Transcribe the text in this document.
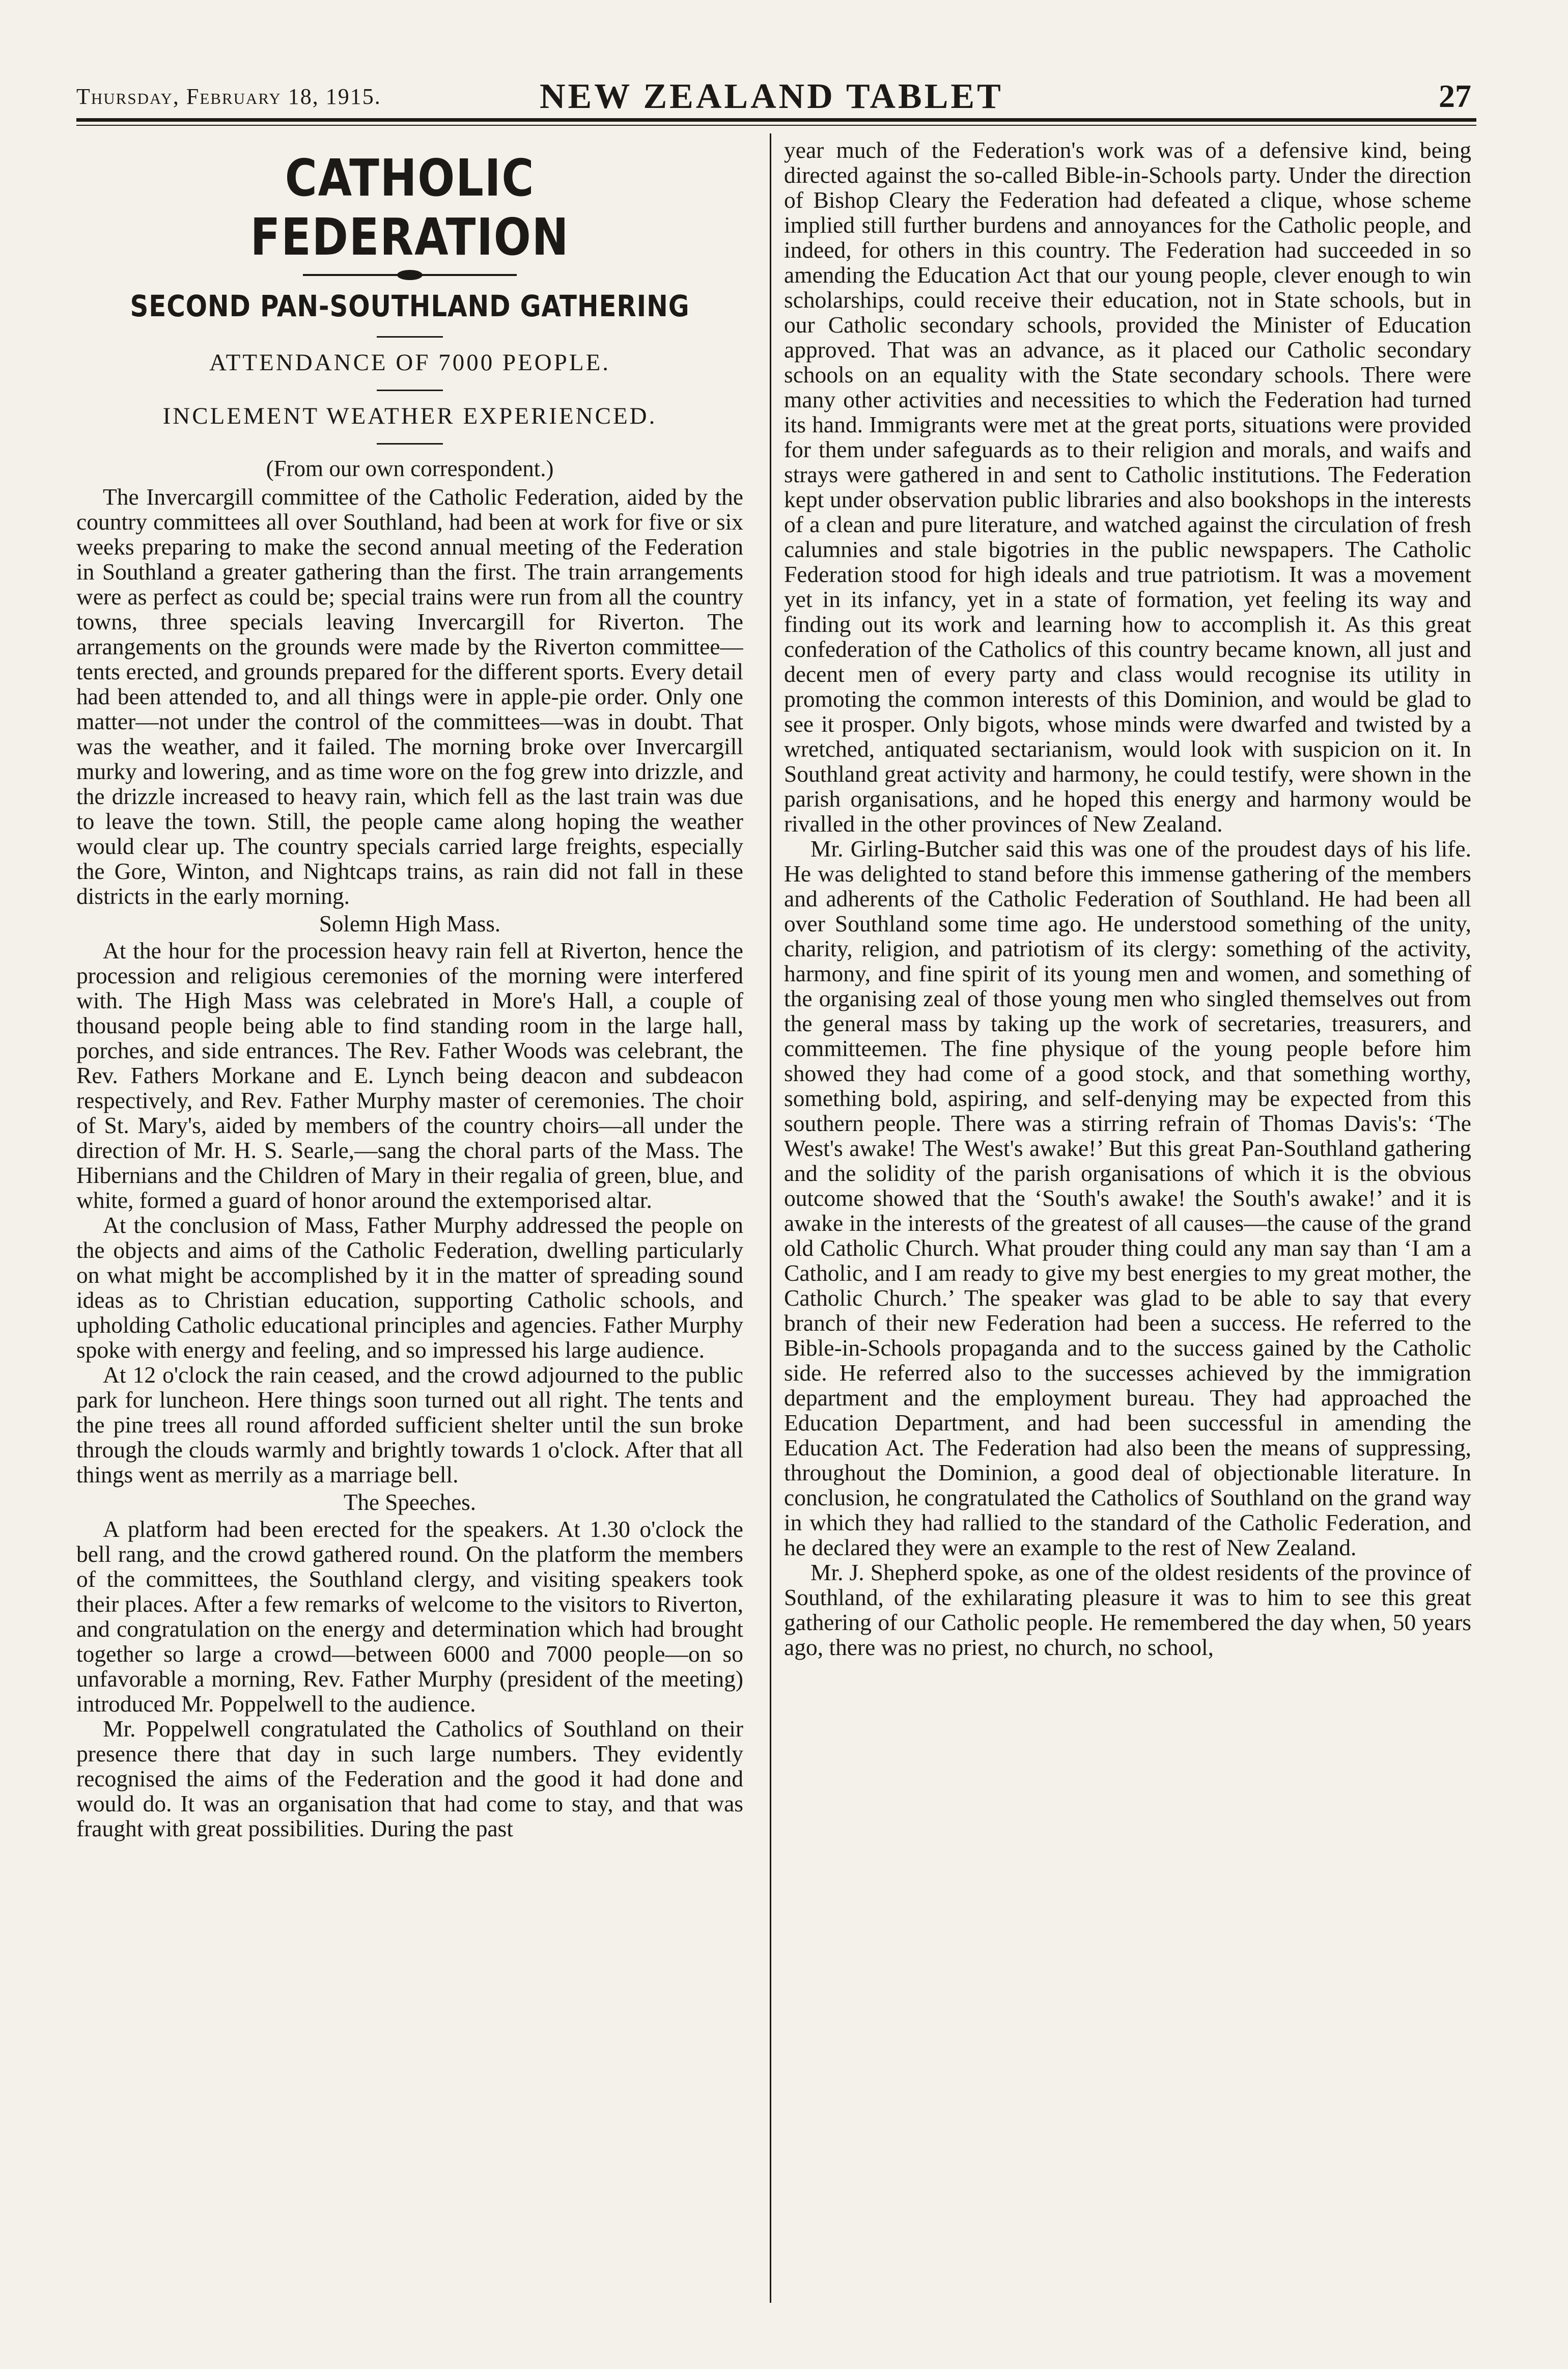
Thursday, February 18, 1915.	NEW ZEALAND TABLET	27
CATHOLIC FEDERATION
SECOND PAN-SOUTHLAND GATHERING
ATTENDANCE OF 7000 PEOPLE.
INCLEMENT WEATHER EXPERIENCED.
(From our own correspondent.)

The Invercargill committee of the Catholic Federation, aided by the country committees all over Southland, had been at work for five or six weeks preparing to make the second annual meeting of the Federation in Southland a greater gathering than the first. The train arrangements were as perfect as could be; special trains were run from all the country towns, three specials leaving Invercargill for Riverton. The arrangements on the grounds were made by the Riverton committee—tents erected, and grounds prepared for the different sports. Every detail had been attended to, and all things were in apple-pie order. Only one matter—not under the control of the committees—was in doubt. That was the weather, and it failed. The morning broke over Invercargill murky and lowering, and as time wore on the fog grew into drizzle, and the drizzle increased to heavy rain, which fell as the last train was due to leave the town. Still, the people came along hoping the weather would clear up. The country specials carried large freights, especially the Gore, Winton, and Nightcaps trains, as rain did not fall in these districts in the early morning.

Solemn High Mass.

At the hour for the procession heavy rain fell at Riverton, hence the procession and religious ceremonies of the morning were interfered with. The High Mass was celebrated in More's Hall, a couple of thousand people being able to find standing room in the large hall, porches, and side entrances. The Rev. Father Woods was celebrant, the Rev. Fathers Morkane and E. Lynch being deacon and subdeacon respectively, and Rev. Father Murphy master of ceremonies. The choir of St. Mary's, aided by members of the country choirs—all under the direction of Mr. H. S. Searle,—sang the choral parts of the Mass. The Hibernians and the Children of Mary in their regalia of green, blue, and white, formed a guard of honor around the extemporised altar.

At the conclusion of Mass, Father Murphy addressed the people on the objects and aims of the Catholic Federation, dwelling particularly on what might be accomplished by it in the matter of spreading sound ideas as to Christian education, supporting Catholic schools, and upholding Catholic educational principles and agencies. Father Murphy spoke with energy and feeling, and so impressed his large audience.

At 12 o'clock the rain ceased, and the crowd adjourned to the public park for luncheon. Here things soon turned out all right. The tents and the pine trees all round afforded sufficient shelter until the sun broke through the clouds warmly and brightly towards 1 o'clock. After that all things went as merrily as a marriage bell.

The Speeches.

A platform had been erected for the speakers. At 1.30 o'clock the bell rang, and the crowd gathered round. On the platform the members of the committees, the Southland clergy, and visiting speakers took their places. After a few remarks of welcome to the visitors to Riverton, and congratulation on the energy and determination which had brought together so large a crowd—between 6000 and 7000 people—on so unfavorable a morning, Rev. Father Murphy (president of the meeting) introduced Mr. Poppelwell to the audience.

Mr. Poppelwell congratulated the Catholics of Southland on their presence there that day in such large numbers. They evidently recognised the aims of the Federation and the good it had done and would do. It was an organisation that had come to stay, and that was fraught with great possibilities. During the past

year much of the Federation's work was of a defensive kind, being directed against the so-called Bible-in-Schools party. Under the direction of Bishop Cleary the Federation had defeated a clique, whose scheme implied still further burdens and annoyances for the Catholic people, and indeed, for others in this country. The Federation had succeeded in so amending the Education Act that our young people, clever enough to win scholarships, could receive their education, not in State schools, but in our Catholic secondary schools, provided the Minister of Education approved. That was an advance, as it placed our Catholic secondary schools on an equality with the State secondary schools. There were many other activities and necessities to which the Federation had turned its hand. Immigrants were met at the great ports, situations were provided for them under safeguards as to their religion and morals, and waifs and strays were gathered in and sent to Catholic institutions. The Federation kept under observation public libraries and also bookshops in the interests of a clean and pure literature, and watched against the circulation of fresh calumnies and stale bigotries in the public newspapers. The Catholic Federation stood for high ideals and true patriotism. It was a movement yet in its infancy, yet in a state of formation, yet feeling its way and finding out its work and learning how to accomplish it. As this great confederation of the Catholics of this country became known, all just and decent men of every party and class would recognise its utility in promoting the common interests of this Dominion, and would be glad to see it prosper. Only bigots, whose minds were dwarfed and twisted by a wretched, antiquated sectarianism, would look with suspicion on it. In Southland great activity and harmony, he could testify, were shown in the parish organisations, and he hoped this energy and harmony would be rivalled in the other provinces of New Zealand.

Mr. Girling-Butcher said this was one of the proudest days of his life. He was delighted to stand before this immense gathering of the members and adherents of the Catholic Federation of Southland. He had been all over Southland some time ago. He understood something of the unity, charity, religion, and patriotism of its clergy: something of the activity, harmony, and fine spirit of its young men and women, and something of the organising zeal of those young men who singled themselves out from the general mass by taking up the work of secretaries, treasurers, and committeemen. The fine physique of the young people before him showed they had come of a good stock, and that something worthy, something bold, aspiring, and self-denying may be expected from this southern people. There was a stirring refrain of Thomas Davis's: ‘The West's awake! The West's awake!’ But this great Pan-Southland gathering and the solidity of the parish organisations of which it is the obvious outcome showed that the ‘South's awake! the South's awake!’ and it is awake in the interests of the greatest of all causes—the cause of the grand old Catholic Church. What prouder thing could any man say than ‘I am a Catholic, and I am ready to give my best energies to my great mother, the Catholic Church.’ The speaker was glad to be able to say that every branch of their new Federation had been a success. He referred to the Bible-in-Schools propaganda and to the success gained by the Catholic side. He referred also to the successes achieved by the immigration department and the employment bureau. They had approached the Education Department, and had been successful in amending the Education Act. The Federation had also been the means of suppressing, throughout the Dominion, a good deal of objectionable literature. In conclusion, he congratulated the Catholics of Southland on the grand way in which they had rallied to the standard of the Catholic Federation, and he declared they were an example to the rest of New Zealand.

Mr. J. Shepherd spoke, as one of the oldest residents of the province of Southland, of the exhilarating pleasure it was to him to see this great gathering of our Catholic people. He remembered the day when, 50 years ago, there was no priest, no church, no school,
